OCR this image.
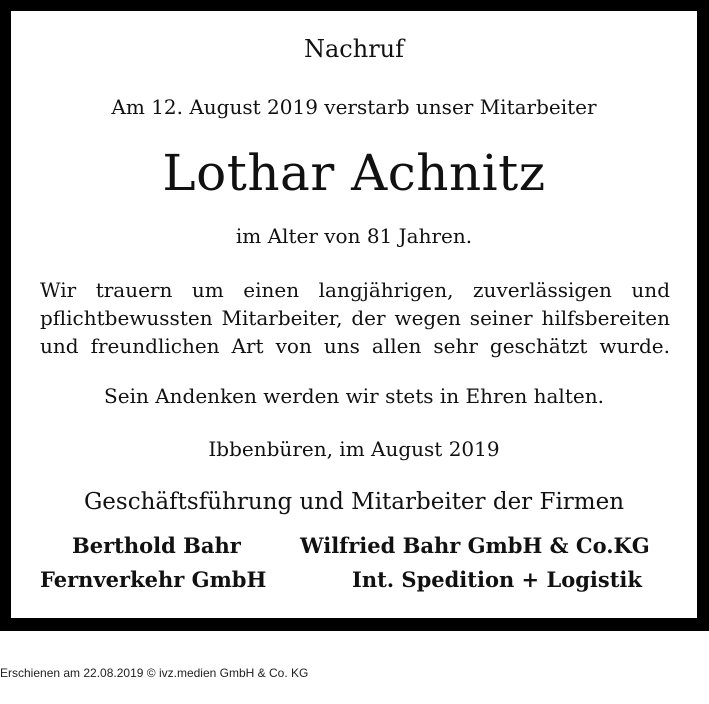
Nachruf
Am 12. August 2019 verstarb unser Mitarbeiter
Lothar Achnitz
im Alter von 81 Jahren.
Wir trauern um einen langjährigen, zuverlässigen und
pflichtbewussten Mitarbeiter, der wegen seiner hilfsbereiten
und freundlichen Art von uns allen sehr geschätzt wurde.
Sein Andenken werden wir stets in Ehren halten.
Ibbenbüren, im August 2019
Geschäftsführung und Mitarbeiter der Firmen
Berthold Bahr	Wilfried Bahr GmbH & Co.KG
Fernverkehr GmbH	Int. Spedition + Logistik
Erschienen am 22.08.2019 © ivz.medien GmbH & Co. KG
